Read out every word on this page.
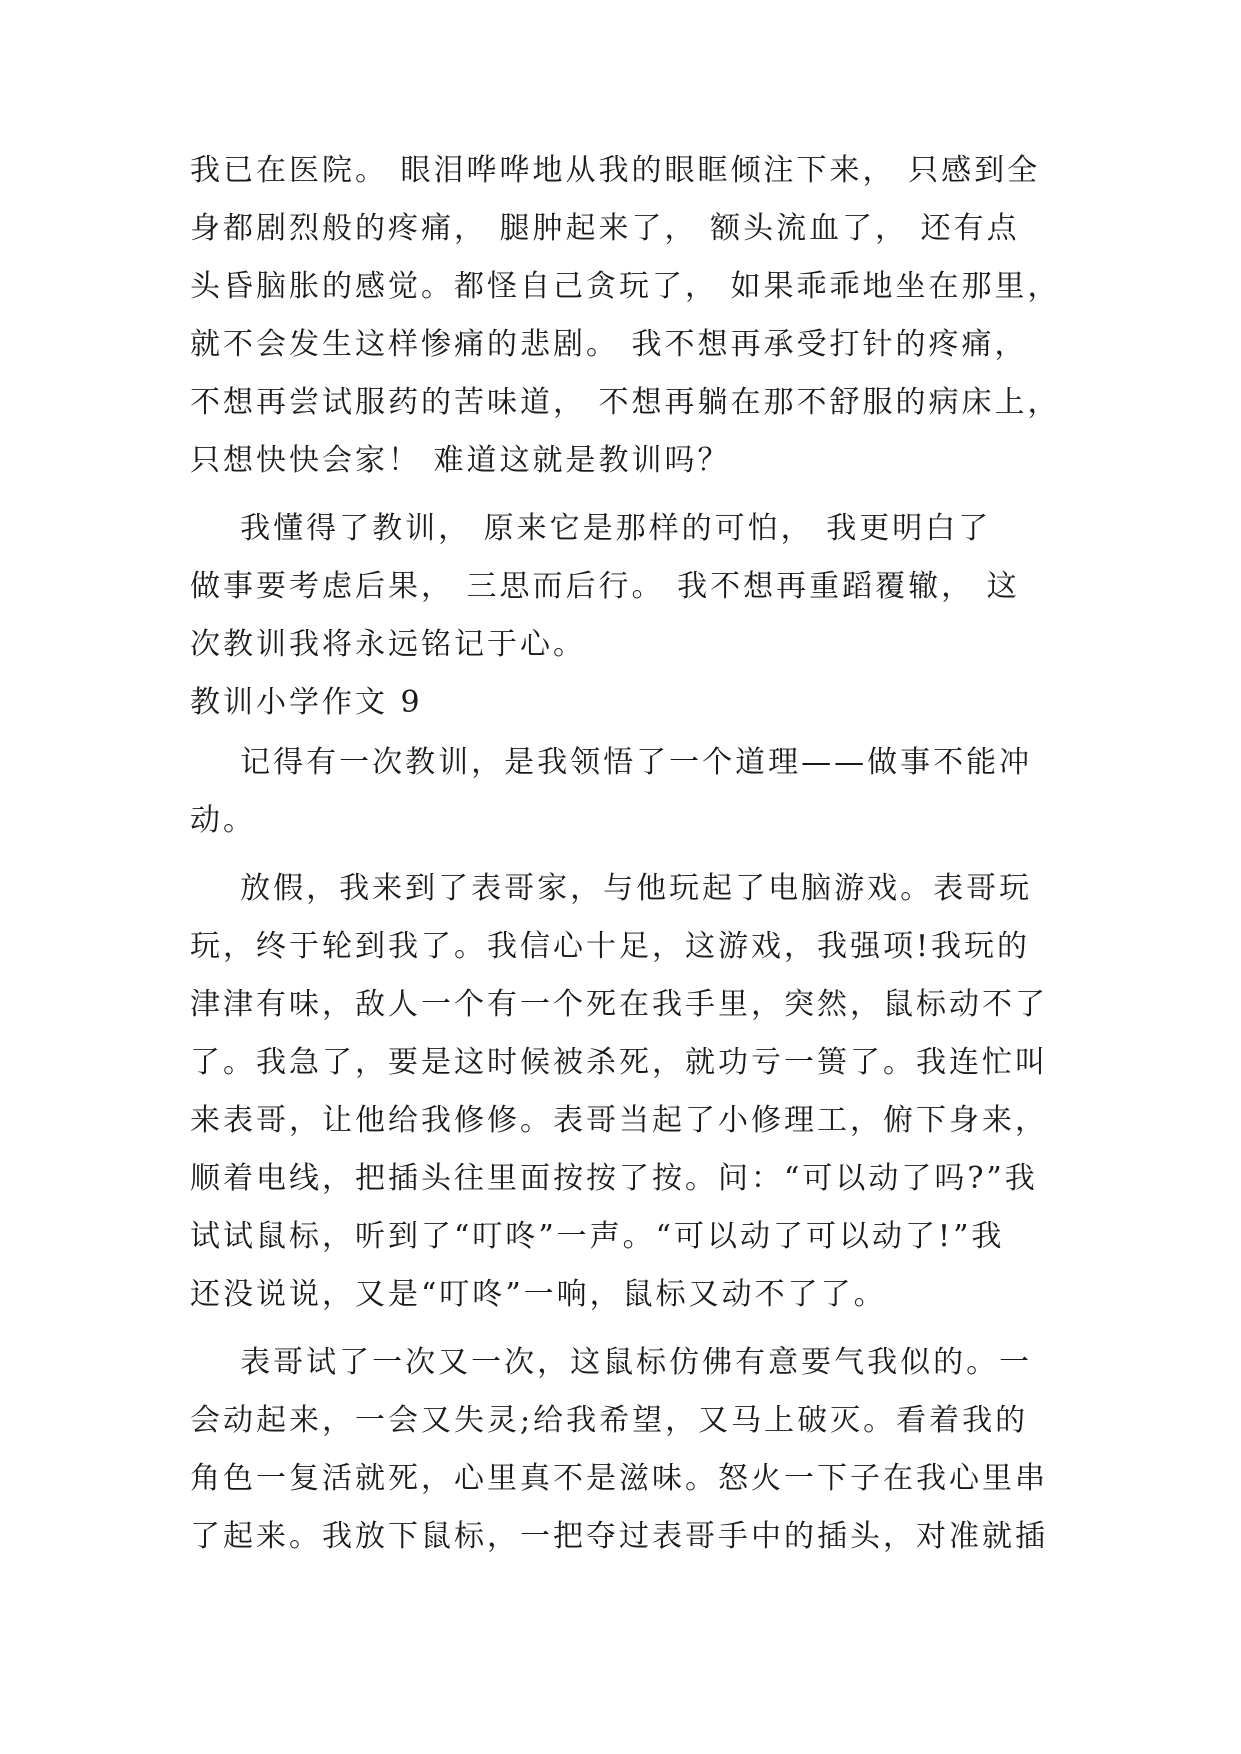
我已在医院。 眼泪哗哗地从我的眼眶倾注下来， 只感到全
身都剧烈般的疼痛， 腿肿起来了， 额头流血了， 还有点
头昏脑胀的感觉。都怪自己贪玩了， 如果乖乖地坐在那里，
就不会发生这样惨痛的悲剧。 我不想再承受打针的疼痛，
不想再尝试服药的苦味道， 不想再躺在那不舒服的病床上，
只想快快会家！ 难道这就是教训吗？
我懂得了教训， 原来它是那样的可怕， 我更明白了
做事要考虑后果， 三思而后行。 我不想再重蹈覆辙， 这
次教训我将永远铭记于心。
教训小学作文 9
记得有一次教训，是我领悟了一个道理——做事不能冲
动。
放假，我来到了表哥家，与他玩起了电脑游戏。表哥玩
玩，终于轮到我了。我信心十足，这游戏，我强项!我玩的
津津有味，敌人一个有一个死在我手里，突然，鼠标动不了
了。我急了，要是这时候被杀死，就功亏一篑了。我连忙叫
来表哥，让他给我修修。表哥当起了小修理工，俯下身来，
顺着电线，把插头往里面按按了按。问：“可以动了吗?”我
试试鼠标，听到了“叮咚”一声。“可以动了可以动了!”我
还没说说，又是“叮咚”一响，鼠标又动不了了。
表哥试了一次又一次，这鼠标仿佛有意要气我似的。一
会动起来，一会又失灵;给我希望，又马上破灭。看着我的
角色一复活就死，心里真不是滋味。怒火一下子在我心里串
了起来。我放下鼠标，一把夺过表哥手中的插头，对准就插
